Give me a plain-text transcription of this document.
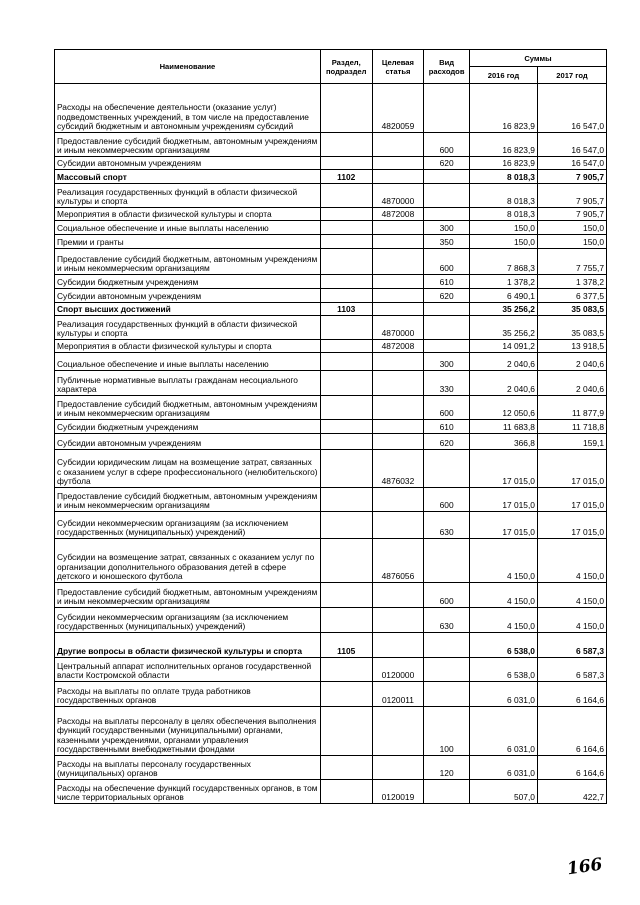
Наименование	Раздел, подраздел	Целевая статья	Вид расходов	Суммы	
				2016 год	2017 год
Расходы на обеспечение деятельности (оказание услуг) подведомственных учреждений, в том числе на предоставление субсидий бюджетным и автономным учреждениям субсидий		4820059		16 823,9	16 547,0
Предоставление субсидий бюджетным, автономным учреждениям и иным некоммерческим организациям			600	16 823,9	16 547,0
Субсидии автономным учреждениям			620	16 823,9	16 547,0
Массовый спорт	1102			8 018,3	7 905,7
Реализация государственных функций в области физической культуры и спорта		4870000		8 018,3	7 905,7
Мероприятия в области физической культуры и спорта		4872008		8 018,3	7 905,7
Социальное обеспечение и иные выплаты населению			300	150,0	150,0
Премии и гранты			350	150,0	150,0
Предоставление субсидий бюджетным, автономным учреждениям и иным некоммерческим организациям			600	7 868,3	7 755,7
Субсидии бюджетным учреждениям			610	1 378,2	1 378,2
Субсидии автономным учреждениям			620	6 490,1	6 377,5
Спорт высших достижений	1103			35 256,2	35 083,5
Реализация государственных функций в области физической культуры и спорта		4870000		35 256,2	35 083,5
Мероприятия в области физической культуры и спорта		4872008		14 091,2	13 918,5
Социальное обеспечение и иные выплаты населению			300	2 040,6	2 040,6
Публичные нормативные выплаты гражданам несоциального характера			330	2 040,6	2 040,6
Предоставление субсидий бюджетным, автономным учреждениям и иным некоммерческим организациям			600	12 050,6	11 877,9
Субсидии бюджетным учреждениям			610	11 683,8	11 718,8
Субсидии автономным учреждениям			620	366,8	159,1
Субсидии юридическим лицам на возмещение затрат, связанных с оказанием услуг в сфере профессионального (нелюбительского) футбола		4876032		17 015,0	17 015,0
Предоставление субсидий бюджетным, автономным учреждениям и иным некоммерческим организациям			600	17 015,0	17 015,0
Субсидии некоммерческим организациям (за исключением государственных (муниципальных) учреждений)			630	17 015,0	17 015,0
Субсидии на возмещение затрат, связанных с оказанием услуг по организации дополнительного образования детей в сфере детского и юношеского футбола		4876056		4 150,0	4 150,0
Предоставление субсидий бюджетным, автономным учреждениям и иным некоммерческим организациям			600	4 150,0	4 150,0
Субсидии некоммерческим организациям (за исключением государственных (муниципальных) учреждений)			630	4 150,0	4 150,0
Другие вопросы в области физической культуры и спорта	1105			6 538,0	6 587,3
Центральный аппарат исполнительных органов государственной власти Костромской области		0120000		6 538,0	6 587,3
Расходы на выплаты по оплате труда работников государственных органов		0120011		6 031,0	6 164,6
Расходы на выплаты персоналу в целях обеспечения выполнения функций государственными (муниципальными) органами, казенными учреждениями, органами управления государственными внебюджетными фондами			100	6 031,0	6 164,6
Расходы на выплаты персоналу государственных (муниципальных) органов			120	6 031,0	6 164,6
Расходы на обеспечение функций государственных органов, в том числе территориальных органов		0120019		507,0	422,7
166
